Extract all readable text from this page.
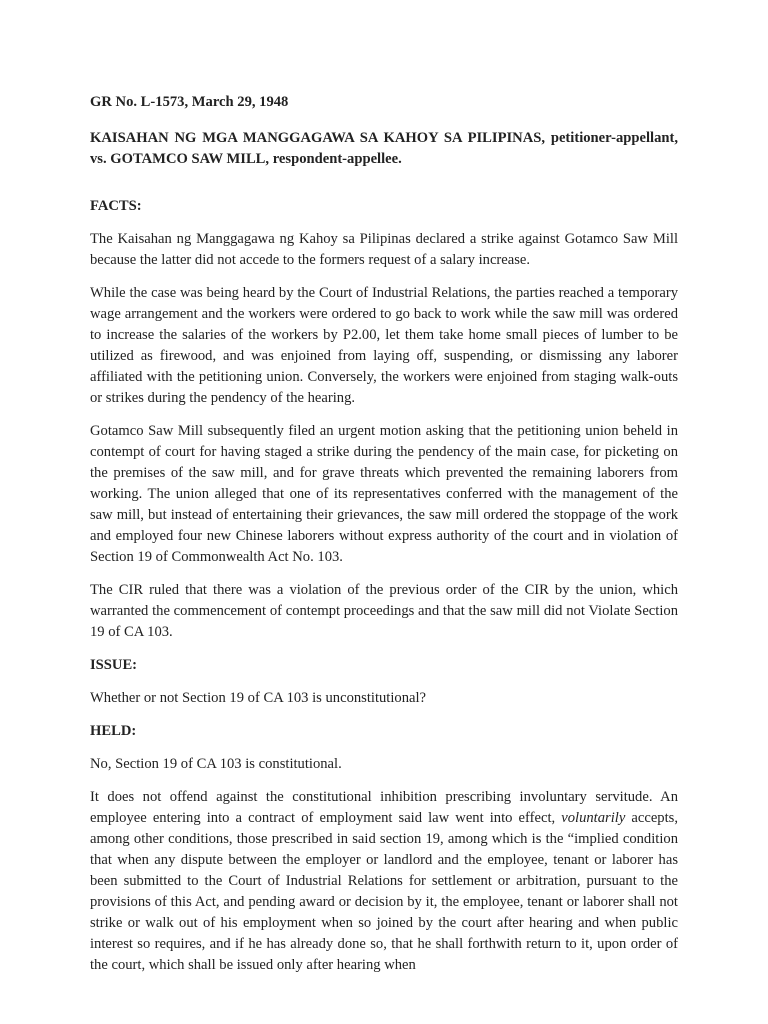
GR No. L-1573, March 29, 1948
KAISAHAN NG MGA MANGGAGAWA SA KAHOY SA PILIPINAS, petitioner-appellant, vs. GOTAMCO SAW MILL, respondent-appellee.
FACTS:

The Kaisahan ng Manggagawa ng Kahoy sa Pilipinas declared a strike against Gotamco Saw Mill because the latter did not accede to the formers request of a salary increase.

While the case was being heard by the Court of Industrial Relations, the parties reached a temporary wage arrangement and the workers were ordered to go back to work while the saw mill was ordered to increase the salaries of the workers by P2.00, let them take home small pieces of lumber to be utilized as firewood, and was enjoined from laying off, suspending, or dismissing any laborer affiliated with the petitioning union. Conversely, the workers were enjoined from staging walk-outs or strikes during the pendency of the hearing.

Gotamco Saw Mill subsequently filed an urgent motion asking that the petitioning union beheld in contempt of court for having staged a strike during the pendency of the main case, for picketing on the premises of the saw mill, and for grave threats which prevented the remaining laborers from working. The union alleged that one of its representatives conferred with the management of the saw mill, but instead of entertaining their grievances, the saw mill ordered the stoppage of the work and employed four new Chinese laborers without express authority of the court and in violation of Section 19 of Commonwealth Act No. 103.

The CIR ruled that there was a violation of the previous order of the CIR by the union, which warranted the commencement of contempt proceedings and that the saw mill did not Violate Section 19 of CA 103.

ISSUE:

Whether or not Section 19 of CA 103 is unconstitutional?

HELD:

No, Section 19 of CA 103 is constitutional.

It does not offend against the constitutional inhibition prescribing involuntary servitude. An employee entering into a contract of employment said law went into effect, voluntarily accepts, among other conditions, those prescribed in said section 19, among which is the “implied condition that when any dispute between the employer or landlord and the employee, tenant or laborer has been submitted to the Court of Industrial Relations for settlement or arbitration, pursuant to the provisions of this Act, and pending award or decision by it, the employee, tenant or laborer shall not strike or walk out of his employment when so joined by the court after hearing and when public interest so requires, and if he has already done so, that he shall forthwith return to it, upon order of the court, which shall be issued only after hearing when
